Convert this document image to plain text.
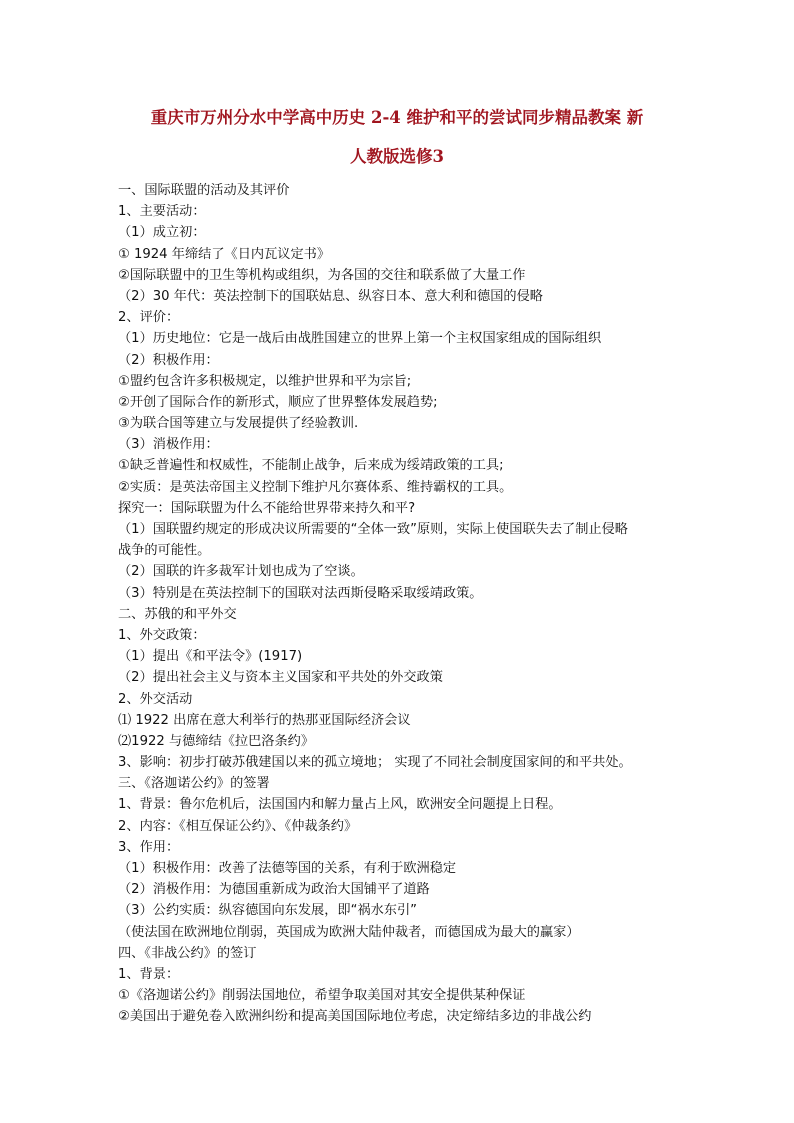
重庆市万州分水中学高中历史 2-4 维护和平的尝试同步精品教案 新
人教版选修3
一、国际联盟的活动及其评价
1、主要活动：
（1）成立初：
① 1924 年缔结了《日内瓦议定书》
②国际联盟中的卫生等机构或组织，为各国的交往和联系做了大量工作
（2）30 年代：英法控制下的国联姑息、纵容日本、意大利和德国的侵略
2、评价：
（1）历史地位：它是一战后由战胜国建立的世界上第一个主权国家组成的国际组织
（2）积极作用：
①盟约包含许多积极规定，以维护世界和平为宗旨;
②开创了国际合作的新形式，顺应了世界整体发展趋势;
③为联合国等建立与发展提供了经验教训.
（3）消极作用：
①缺乏普遍性和权威性，不能制止战争，后来成为绥靖政策的工具;
②实质：是英法帝国主义控制下维护凡尔赛体系、维持霸权的工具。
探究一：国际联盟为什么不能给世界带来持久和平?
（1）国联盟约规定的形成决议所需要的“全体一致”原则，实际上使国联失去了制止侵略
战争的可能性。
（2）国联的许多裁军计划也成为了空谈。
（3）特别是在英法控制下的国联对法西斯侵略采取绥靖政策。
二、苏俄的和平外交
1、外交政策：
（1）提出《和平法令》(1917)
（2）提出社会主义与资本主义国家和平共处的外交政策
2、外交活动
⑴ 1922 出席在意大利举行的热那亚国际经济会议
⑵1922 与德缔结《拉巴洛条约》
3、影响：初步打破苏俄建国以来的孤立境地； 实现了不同社会制度国家间的和平共处。
三、《洛迦诺公约》的签署
1、背景：鲁尔危机后，法国国内和解力量占上风，欧洲安全问题提上日程。
2、内容：《相互保证公约》、《仲裁条约》
3、作用：
（1）积极作用：改善了法德等国的关系，有利于欧洲稳定
（2）消极作用：为德国重新成为政治大国铺平了道路
（3）公约实质：纵容德国向东发展，即“祸水东引”
（使法国在欧洲地位削弱，英国成为欧洲大陆仲裁者，而德国成为最大的赢家）
四、《非战公约》的签订
1、背景：
①《洛迦诺公约》削弱法国地位，希望争取美国对其安全提供某种保证
②美国出于避免卷入欧洲纠纷和提高美国国际地位考虑，决定缔结多边的非战公约
